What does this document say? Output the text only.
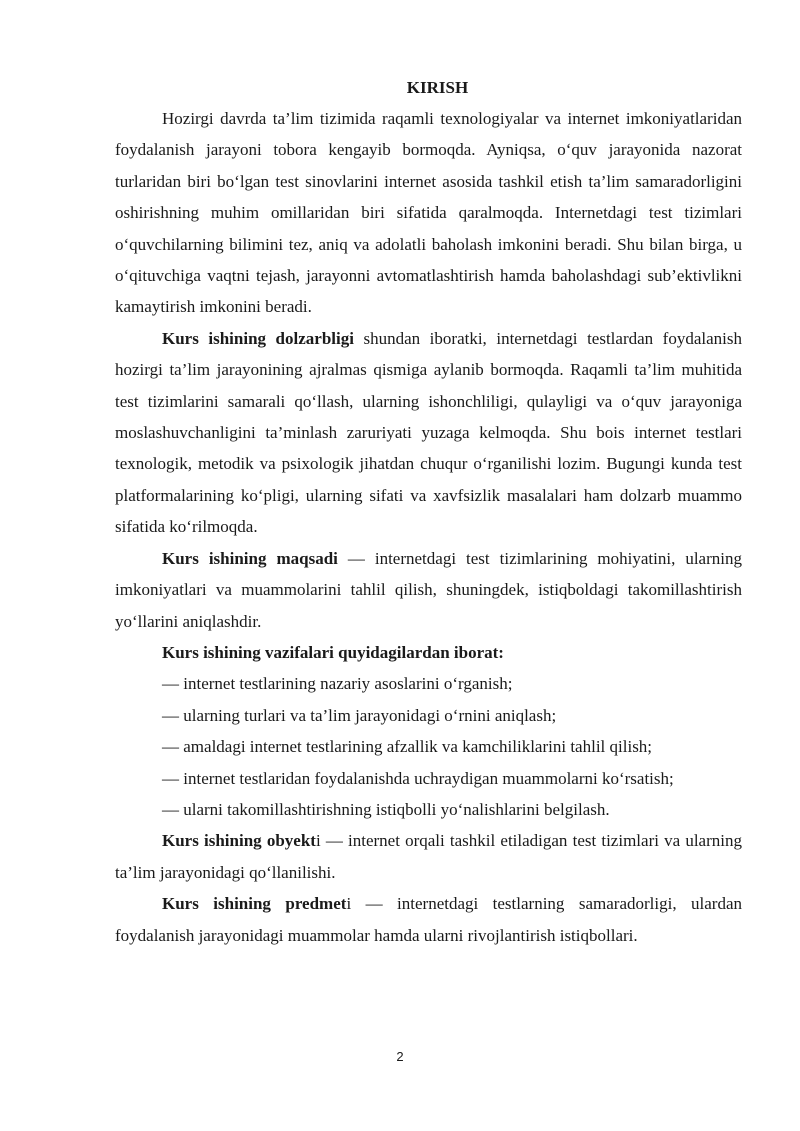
KIRISH

Hozirgi davrda ta’lim tizimida raqamli texnologiyalar va internet imkoniyatlaridan foydalanish jarayoni tobora kengayib bormoqda. Ayniqsa, o‘quv jarayonida nazorat turlaridan biri bo‘lgan test sinovlarini internet asosida tashkil etish ta’lim samaradorligini oshirishning muhim omillaridan biri sifatida qaralmoqda. Internetdagi test tizimlari o‘quvchilarning bilimini tez, aniq va adolatli baholash imkonini beradi. Shu bilan birga, u o‘qituvchiga vaqtni tejash, jarayonni avtomatlashtirish hamda baholashdagi sub’ektivlikni kamaytirish imkonini beradi.

Kurs ishining dolzarbligi shundan iboratki, internetdagi testlardan foydalanish hozirgi ta’lim jarayonining ajralmas qismiga aylanib bormoqda. Raqamli ta’lim muhitida test tizimlarini samarali qo‘llash, ularning ishonchliligi, qulayligi va o‘quv jarayoniga moslashuvchanligini ta’minlash zaruriyati yuzaga kelmoqda. Shu bois internet testlari texnologik, metodik va psixologik jihatdan chuqur o‘rganilishi lozim. Bugungi kunda test platformalarining ko‘pligi, ularning sifati va xavfsizlik masalalari ham dolzarb muammo sifatida ko‘rilmoqda.

Kurs ishining maqsadi — internetdagi test tizimlarining mohiyatini, ularning imkoniyatlari va muammolarini tahlil qilish, shuningdek, istiqboldagi takomillashtirish yo‘llarini aniqlashdir.

Kurs ishining vazifalari quyidagilardan iborat:
— internet testlarining nazariy asoslarini o‘rganish;
— ularning turlari va ta’lim jarayonidagi o‘rnini aniqlash;
— amaldagi internet testlarining afzallik va kamchiliklarini tahlil qilish;
— internet testlaridan foydalanishda uchraydigan muammolarni ko‘rsatish;
— ularni takomillashtirishning istiqbolli yo‘nalishlarini belgilash.

Kurs ishining obyekti — internet orqali tashkil etiladigan test tizimlari va ularning ta’lim jarayonidagi qo‘llanilishi.

Kurs ishining predmeti — internetdagi testlarning samaradorligi, ulardan foydalanish jarayonidagi muammolar hamda ularni rivojlantirish istiqbollari.

2
